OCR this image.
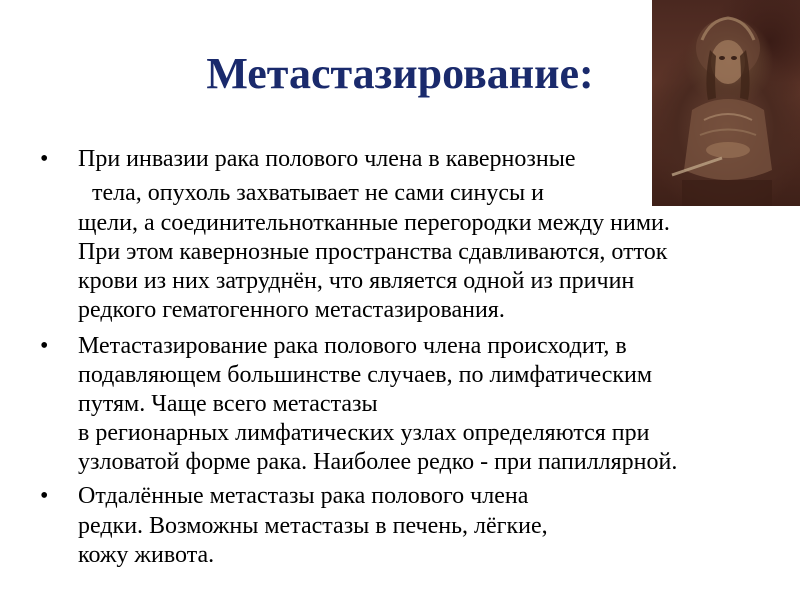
Метастазирование:
• При инвазии рака полового члена в кавернозные
тела, опухоль захватывает не сами синусы и
щели, а соединительнотканные перегородки между ними.
При этом кавернозные пространства сдавливаются, отток
крови из них затруднён, что является одной из причин
редкого гематогенного метастазирования.
• Метастазирование рака полового члена происходит, в
подавляющем большинстве случаев, по лимфатическим
путям. Чаще всего метастазы
в регионарных лимфатических узлах определяются при
узловатой форме рака. Наиболее редко - при папиллярной.
• Отдалённые метастазы рака полового члена
редки. Возможны метастазы в печень, лёгкие,
кожу живота.
